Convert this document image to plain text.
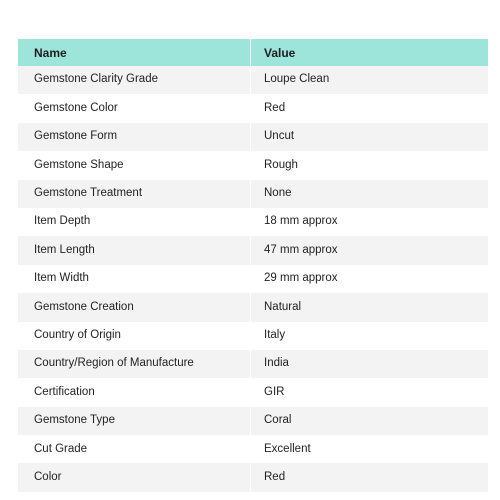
Name	Value
Gemstone Clarity Grade	Loupe Clean
Gemstone Color	Red
Gemstone Form	Uncut
Gemstone Shape	Rough
Gemstone Treatment	None
Item Depth	18 mm approx
Item Length	47 mm approx
Item Width	29 mm approx
Gemstone Creation	Natural
Country of Origin	Italy
Country/Region of Manufacture	India
Certification	GIR
Gemstone Type	Coral
Cut Grade	Excellent
Color	Red
